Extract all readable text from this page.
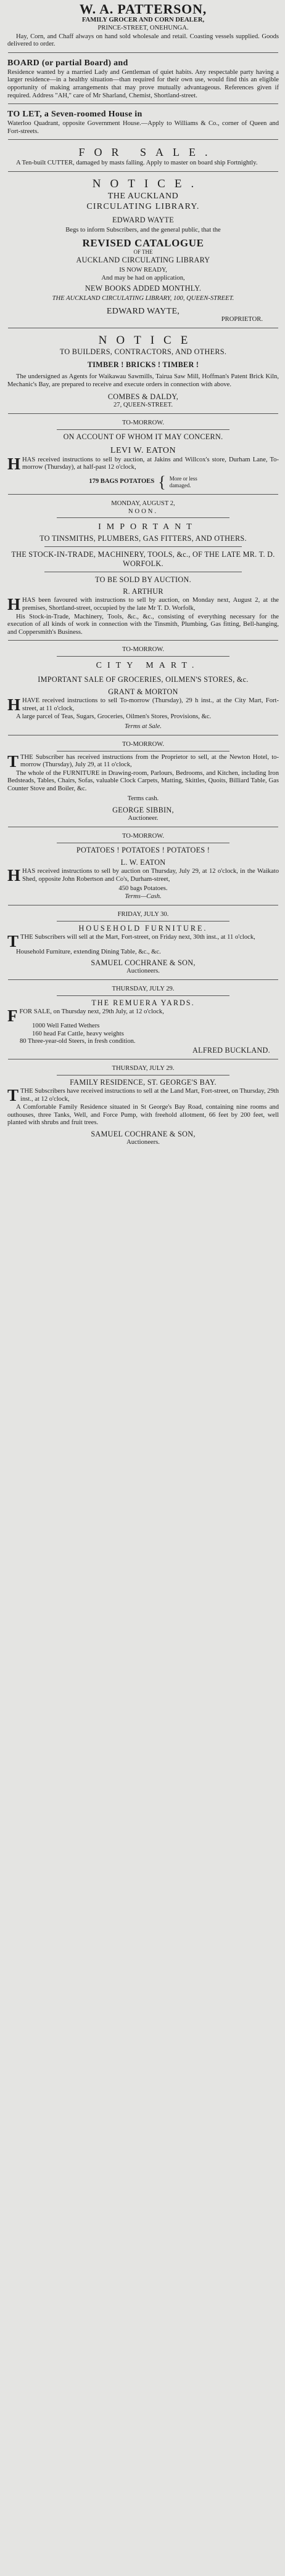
W. A. PATTERSON,
FAMILY GROCER AND CORN DEALER,
PRINCE-STREET, ONEHUNGA.

Hay, Corn, and Chaff always on hand sold wholesale and retail. Coasting vessels supplied. Goods delivered to order.

BOARD (or partial Board) and

Residence wanted by a married Lady and Gentleman of quiet habits. Any respectable party having a larger residence—in a healthy situation—than required for their own use, would find this an eligible opportunity of making arrangements that may prove mutually advantageous. References given if required. Address "AH," care of Mr Sharland, Chemist, Shortland-street.

TO LET, a Seven-roomed House in

Waterloo Quadrant, opposite Government House.—Apply to Williams & Co., corner of Queen and Fort-streets.

FOR SALE.

A Ten-built CUTTER, damaged by masts falling. Apply to master on board ship Fortnightly.

NOTICE.
THE AUCKLAND
CIRCULATING LIBRARY.
EDWARD WAYTE
Begs to inform Subscribers, and the general public, that the
REVISED CATALOGUE
OF THE
AUCKLAND CIRCULATING LIBRARY
IS NOW READY,
And may be had on application,
NEW BOOKS ADDED MONTHLY.
THE AUCKLAND CIRCULATING LIBRARY, 100, QUEEN-STREET.
EDWARD WAYTE,
PROPRIETOR.
NOTICE
TO BUILDERS, CONTRACTORS, AND OTHERS.
TIMBER ! BRICKS ! TIMBER !

The undersigned as Agents for Waikawau Sawmills, Tairua Saw Mill, Hoffman's Patent Brick Kiln, Mechanic's Bay, are prepared to receive and execute orders in connection with above.

COMBES & DALDY,
27, QUEEN-STREET.
TO-MORROW.
ON ACCOUNT OF WHOM IT MAY CONCERN.
LEVI W. EATON

H HAS received instructions to sell by auction, at Jakins and Willcox's store, Durham Lane, To-morrow (Thursday), at half-past 12 o'clock,

179 BAGS POTATOES { More or less
damaged.
MONDAY, AUGUST 2,
NOON.
IMPORTANT
TO TINSMITHS, PLUMBERS, GAS FITTERS, AND OTHERS.
THE STOCK-IN-TRADE, MACHINERY, TOOLS, &c., OF THE LATE MR. T. D. WORFOLK.
TO BE SOLD BY AUCTION.
R. ARTHUR

H HAS been favoured with instructions to sell by auction, on Monday next, August 2, at the premises, Shortland-street, occupied by the late Mr T. D. Worfolk,

His Stock-in-Trade, Machinery, Tools, &c., &c., consisting of everything necessary for the execution of all kinds of work in connection with the Tinsmith, Plumbing, Gas fitting, Bell-hanging, and Coppersmith's Business.

TO-MORROW.
CITY MART.
IMPORTANT SALE OF GROCERIES, OILMEN'S STORES, &c.
GRANT & MORTON

H HAVE received instructions to sell To-morrow (Thursday), 29 h inst., at the City Mart, Fort-street, at 11 o'clock,

A large parcel of Teas, Sugars, Groceries, Oilmen's Stores, Provisions, &c.

Terms at Sale.
TO-MORROW.

T THE Subscriber has received instructions from the Proprietor to sell, at the Newton Hotel, to-morrow (Thursday), July 29, at 11 o'clock,

The whole of the FURNITURE in Drawing-room, Parlours, Bedrooms, and Kitchen, including Iron Bedsteads, Tables, Chairs, Sofas, valuable Clock Carpets, Matting, Skittles, Quoits, Billiard Table, Gas Counter Stove and Boiler, &c.

Terms cash.
GEORGE SIBBIN,
Auctioneer.
TO-MORROW.
POTATOES ! POTATOES ! POTATOES !
L. W. EATON

H HAS received instructions to sell by auction on Thursday, July 29, at 12 o'clock, in the Waikato Shed, opposite John Robertson and Co's, Durham-street,

450 bags Potatoes.
Terms—Cash.
FRIDAY, JULY 30.
HOUSEHOLD FURNITURE.

T THE Subscribers will sell at the Mart, Fort-street, on Friday next, 30th inst., at 11 o'clock,

Household Furniture, extending Dining Table, &c., &c.

SAMUEL COCHRANE & SON,
Auctioneers.
THURSDAY, JULY 29.
THE REMUERA YARDS.

F FOR SALE, on Thursday next, 29th July, at 12 o'clock,

1000 Well Fatted Wethers
160 head Fat Cattle, heavy weights
80 Three-year-old Steers, in fresh condition.
ALFRED BUCKLAND.
THURSDAY, JULY 29.
FAMILY RESIDENCE, ST. GEORGE'S BAY.

T THE Subscribers have received instructions to sell at the Land Mart, Fort-street, on Thursday, 29th inst., at 12 o'clock,

A Comfortable Family Residence situated in St George's Bay Road, containing nine rooms and outhouses, three Tanks, Well, and Force Pump, with freehold allotment, 66 feet by 200 feet, well planted with shrubs and fruit trees.

SAMUEL COCHRANE & SON,
Auctioneers.
